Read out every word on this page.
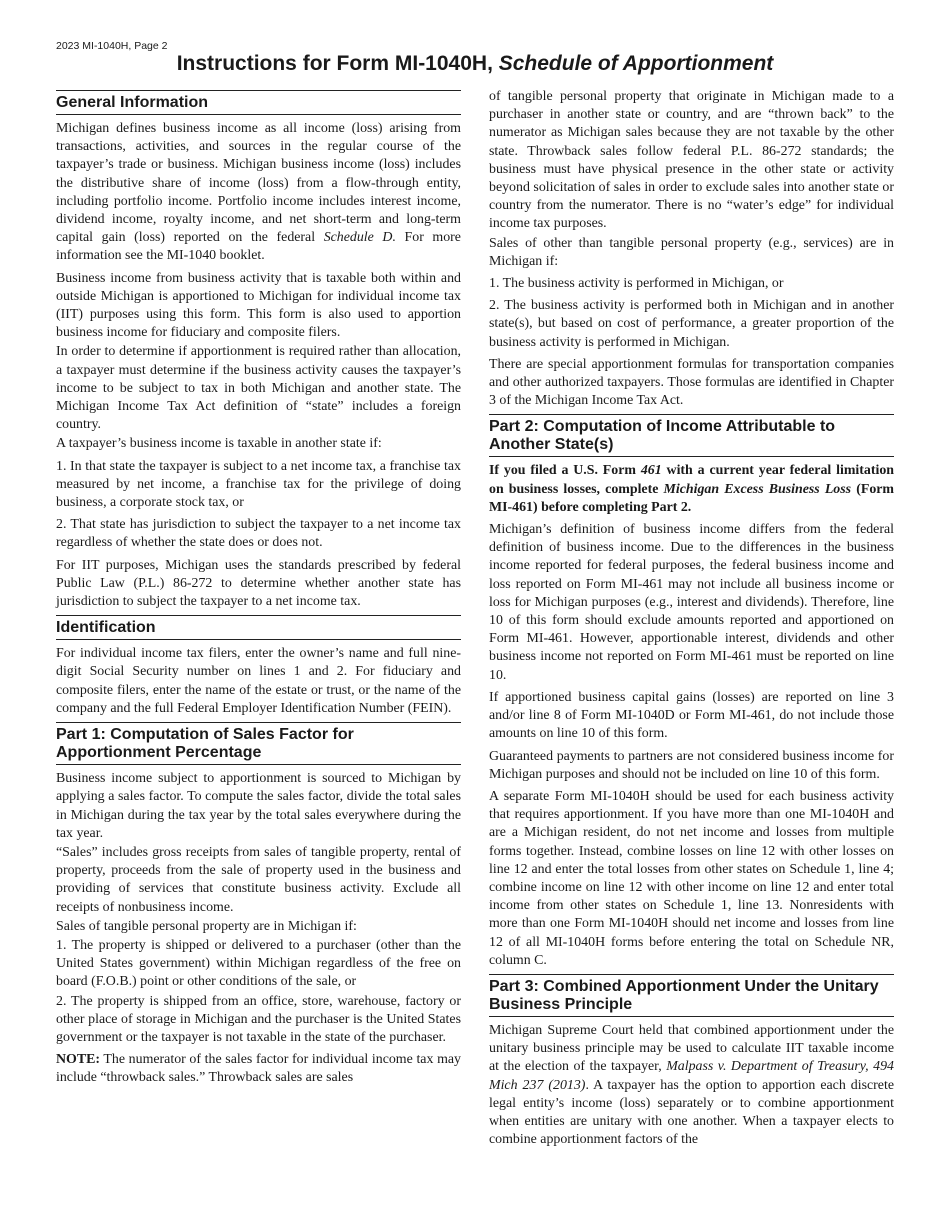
2023 MI-1040H, Page 2
Instructions for Form MI-1040H, Schedule of Apportionment
General Information

Michigan defines business income as all income (loss) arising from transactions, activities, and sources in the regular course of the taxpayer’s trade or business. Michigan business income (loss) includes the distributive share of income (loss) from a flow-through entity, including portfolio income. Portfolio income includes interest income, dividend income, royalty income, and net short-term and long-term capital gain (loss) reported on the federal Schedule D. For more information see the MI-1040 booklet.

Business income from business activity that is taxable both within and outside Michigan is apportioned to Michigan for individual income tax (IIT) purposes using this form. This form is also used to apportion business income for fiduciary and composite filers.

In order to determine if apportionment is required rather than allocation, a taxpayer must determine if the business activity causes the taxpayer’s income to be subject to tax in both Michigan and another state. The Michigan Income Tax Act definition of “state” includes a foreign country.

A taxpayer’s business income is taxable in another state if:

1. In that state the taxpayer is subject to a net income tax, a franchise tax measured by net income, a franchise tax for the privilege of doing business, a corporate stock tax, or

2. That state has jurisdiction to subject the taxpayer to a net income tax regardless of whether the state does or does not.

For IIT purposes, Michigan uses the standards prescribed by federal Public Law (P.L.) 86-272 to determine whether another state has jurisdiction to subject the taxpayer to a net income tax.

Identification

For individual income tax filers, enter the owner’s name and full nine-digit Social Security number on lines 1 and 2. For fiduciary and composite filers, enter the name of the estate or trust, or the name of the company and the full Federal Employer Identification Number (FEIN).

Part 1: Computation of Sales Factor for Apportionment Percentage

Business income subject to apportionment is sourced to Michigan by applying a sales factor. To compute the sales factor, divide the total sales in Michigan during the tax year by the total sales everywhere during the tax year.

“Sales” includes gross receipts from sales of tangible property, rental of property, proceeds from the sale of property used in the business and providing of services that constitute business activity. Exclude all receipts of nonbusiness income.

Sales of tangible personal property are in Michigan if:

1. The property is shipped or delivered to a purchaser (other than the United States government) within Michigan regardless of the free on board (F.O.B.) point or other conditions of the sale, or

2. The property is shipped from an office, store, warehouse, factory or other place of storage in Michigan and the purchaser is the United States government or the taxpayer is not taxable in the state of the purchaser.

NOTE: The numerator of the sales factor for individual income tax may include “throwback sales.” Throwback sales are sales

of tangible personal property that originate in Michigan made to a purchaser in another state or country, and are “thrown back” to the numerator as Michigan sales because they are not taxable by the other state. Throwback sales follow federal P.L. 86-272 standards; the business must have physical presence in the other state or activity beyond solicitation of sales in order to exclude sales into another state or country from the numerator. There is no “water’s edge” for individual income tax purposes.

Sales of other than tangible personal property (e.g., services) are in Michigan if:

1. The business activity is performed in Michigan, or

2. The business activity is performed both in Michigan and in another state(s), but based on cost of performance, a greater proportion of the business activity is performed in Michigan.

There are special apportionment formulas for transportation companies and other authorized taxpayers. Those formulas are identified in Chapter 3 of the Michigan Income Tax Act.

Part 2: Computation of Income Attributable to Another State(s)

If you filed a U.S. Form 461 with a current year federal limitation on business losses, complete Michigan Excess Business Loss (Form MI-461) before completing Part 2.

Michigan’s definition of business income differs from the federal definition of business income. Due to the differences in the business income reported for federal purposes, the federal business income and loss reported on Form MI-461 may not include all business income or loss for Michigan purposes (e.g., interest and dividends). Therefore, line 10 of this form should exclude amounts reported and apportioned on Form MI-461. However, apportionable interest, dividends and other business income not reported on Form MI-461 must be reported on line 10.

If apportioned business capital gains (losses) are reported on line 3 and/or line 8 of Form MI-1040D or Form MI-461, do not include those amounts on line 10 of this form.

Guaranteed payments to partners are not considered business income for Michigan purposes and should not be included on line 10 of this form.

A separate Form MI-1040H should be used for each business activity that requires apportionment. If you have more than one MI-1040H and are a Michigan resident, do not net income and losses from multiple forms together. Instead, combine losses on line 12 with other losses on line 12 and enter the total losses from other states on Schedule 1, line 4; combine income on line 12 with other income on line 12 and enter total income from other states on Schedule 1, line 13. Nonresidents with more than one Form MI-1040H should net income and losses from line 12 of all MI-1040H forms before entering the total on Schedule NR, column C.

Part 3: Combined Apportionment Under the Unitary Business Principle

Michigan Supreme Court held that combined apportionment under the unitary business principle may be used to calculate IIT taxable income at the election of the taxpayer, Malpass v. Department of Treasury, 494 Mich 237 (2013). A taxpayer has the option to apportion each discrete legal entity’s income (loss) separately or to combine apportionment when entities are unitary with one another. When a taxpayer elects to combine apportionment factors of the
